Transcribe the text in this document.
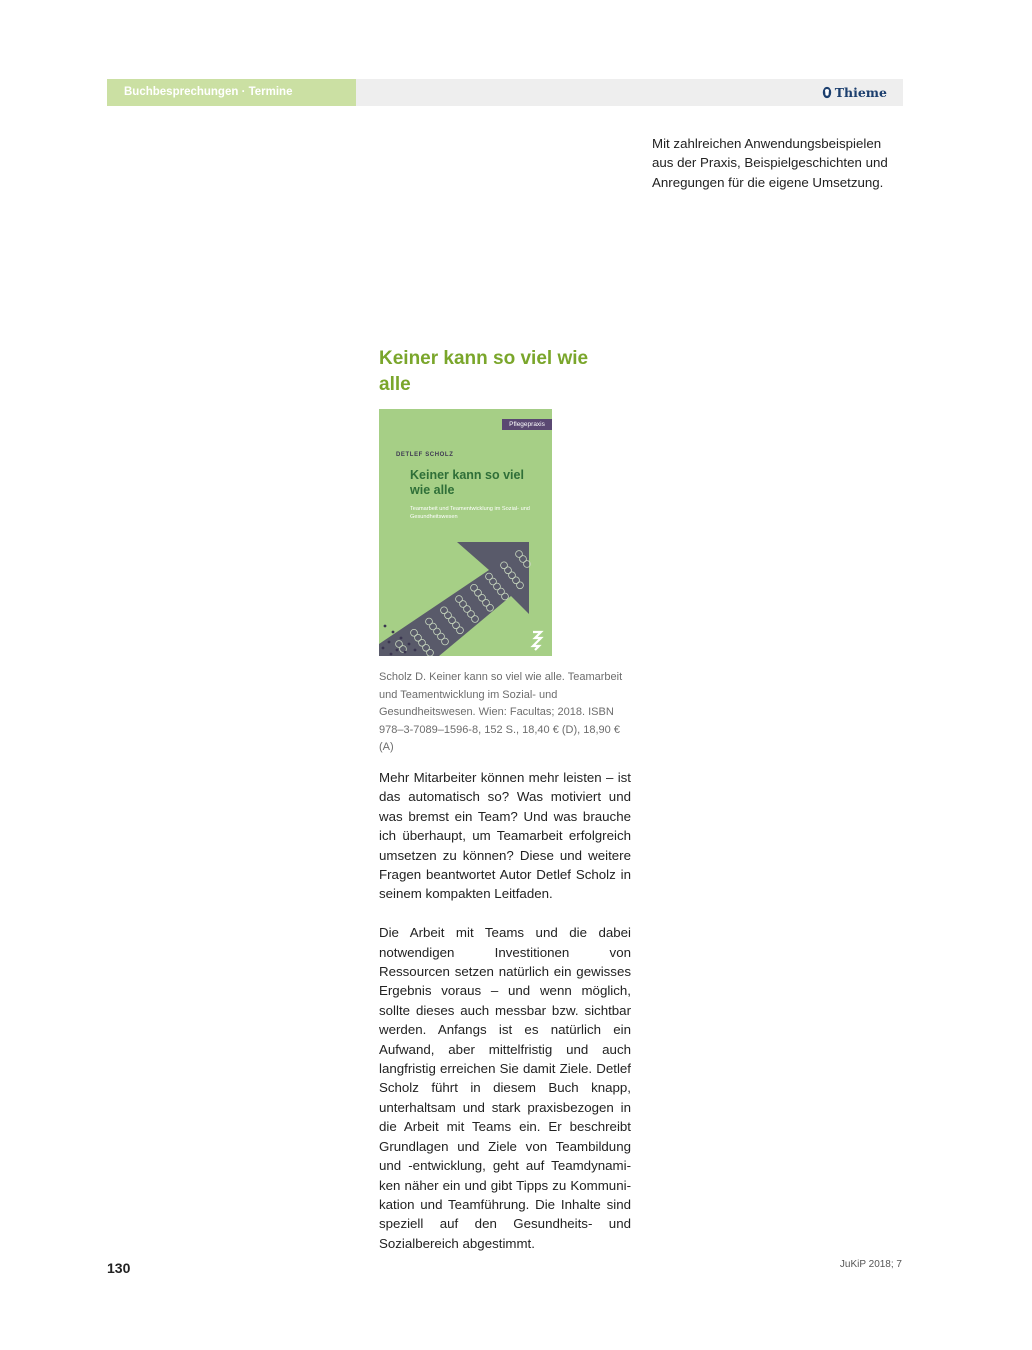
Buchbesprechungen · Termine	Thieme
Mit zahlreichen Anwendungsbeispielen aus der Praxis, Beispielgeschichten und Anregungen für die eigene Umsetzung.
Keiner kann so viel wie alle
Pflegepraxis
DETLEF SCHOLZ
Keiner kann so viel wie alle
Teamarbeit und Teamentwicklung im Sozial- und Gesundheitswesen
Scholz D. Keiner kann so viel wie alle. Teamarbeit und Teamentwicklung im Sozial- und Gesundheitswesen. Wien: Facultas; 2018. ISBN 978–3-7089–1596-8, 152 S., 18,40 € (D), 18,90 € (A)

Mehr Mitarbeiter können mehr leisten – ist das automatisch so? Was motiviert und was bremst ein Team? Und was brauche ich überhaupt, um Teamarbeit erfolgreich umsetzen zu können? Diese und weitere Fragen beantwortet Autor Detlef Scholz in seinem kompakten Leitfaden.

Die Arbeit mit Teams und die dabei notwendigen Investitionen von Ressourcen setzen natürlich ein gewisses Ergebnis voraus – und wenn möglich, sollte dieses auch messbar bzw. sichtbar werden. Anfangs ist es natürlich ein Aufwand, aber mittelfristig und auch langfristig erreichen Sie damit Ziele. Detlef Scholz führt in diesem Buch knapp, unterhaltsam und stark praxisbezogen in die Arbeit mit Teams ein. Er beschreibt Grundlagen und Ziele von Teambildung und -entwicklung, geht auf Teamdynamiken näher ein und gibt Tipps zu Kommunikation und Teamführung. Die Inhalte sind speziell auf den Gesundheits- und Sozialbereich abgestimmt.

130	JuKiP 2018; 7
